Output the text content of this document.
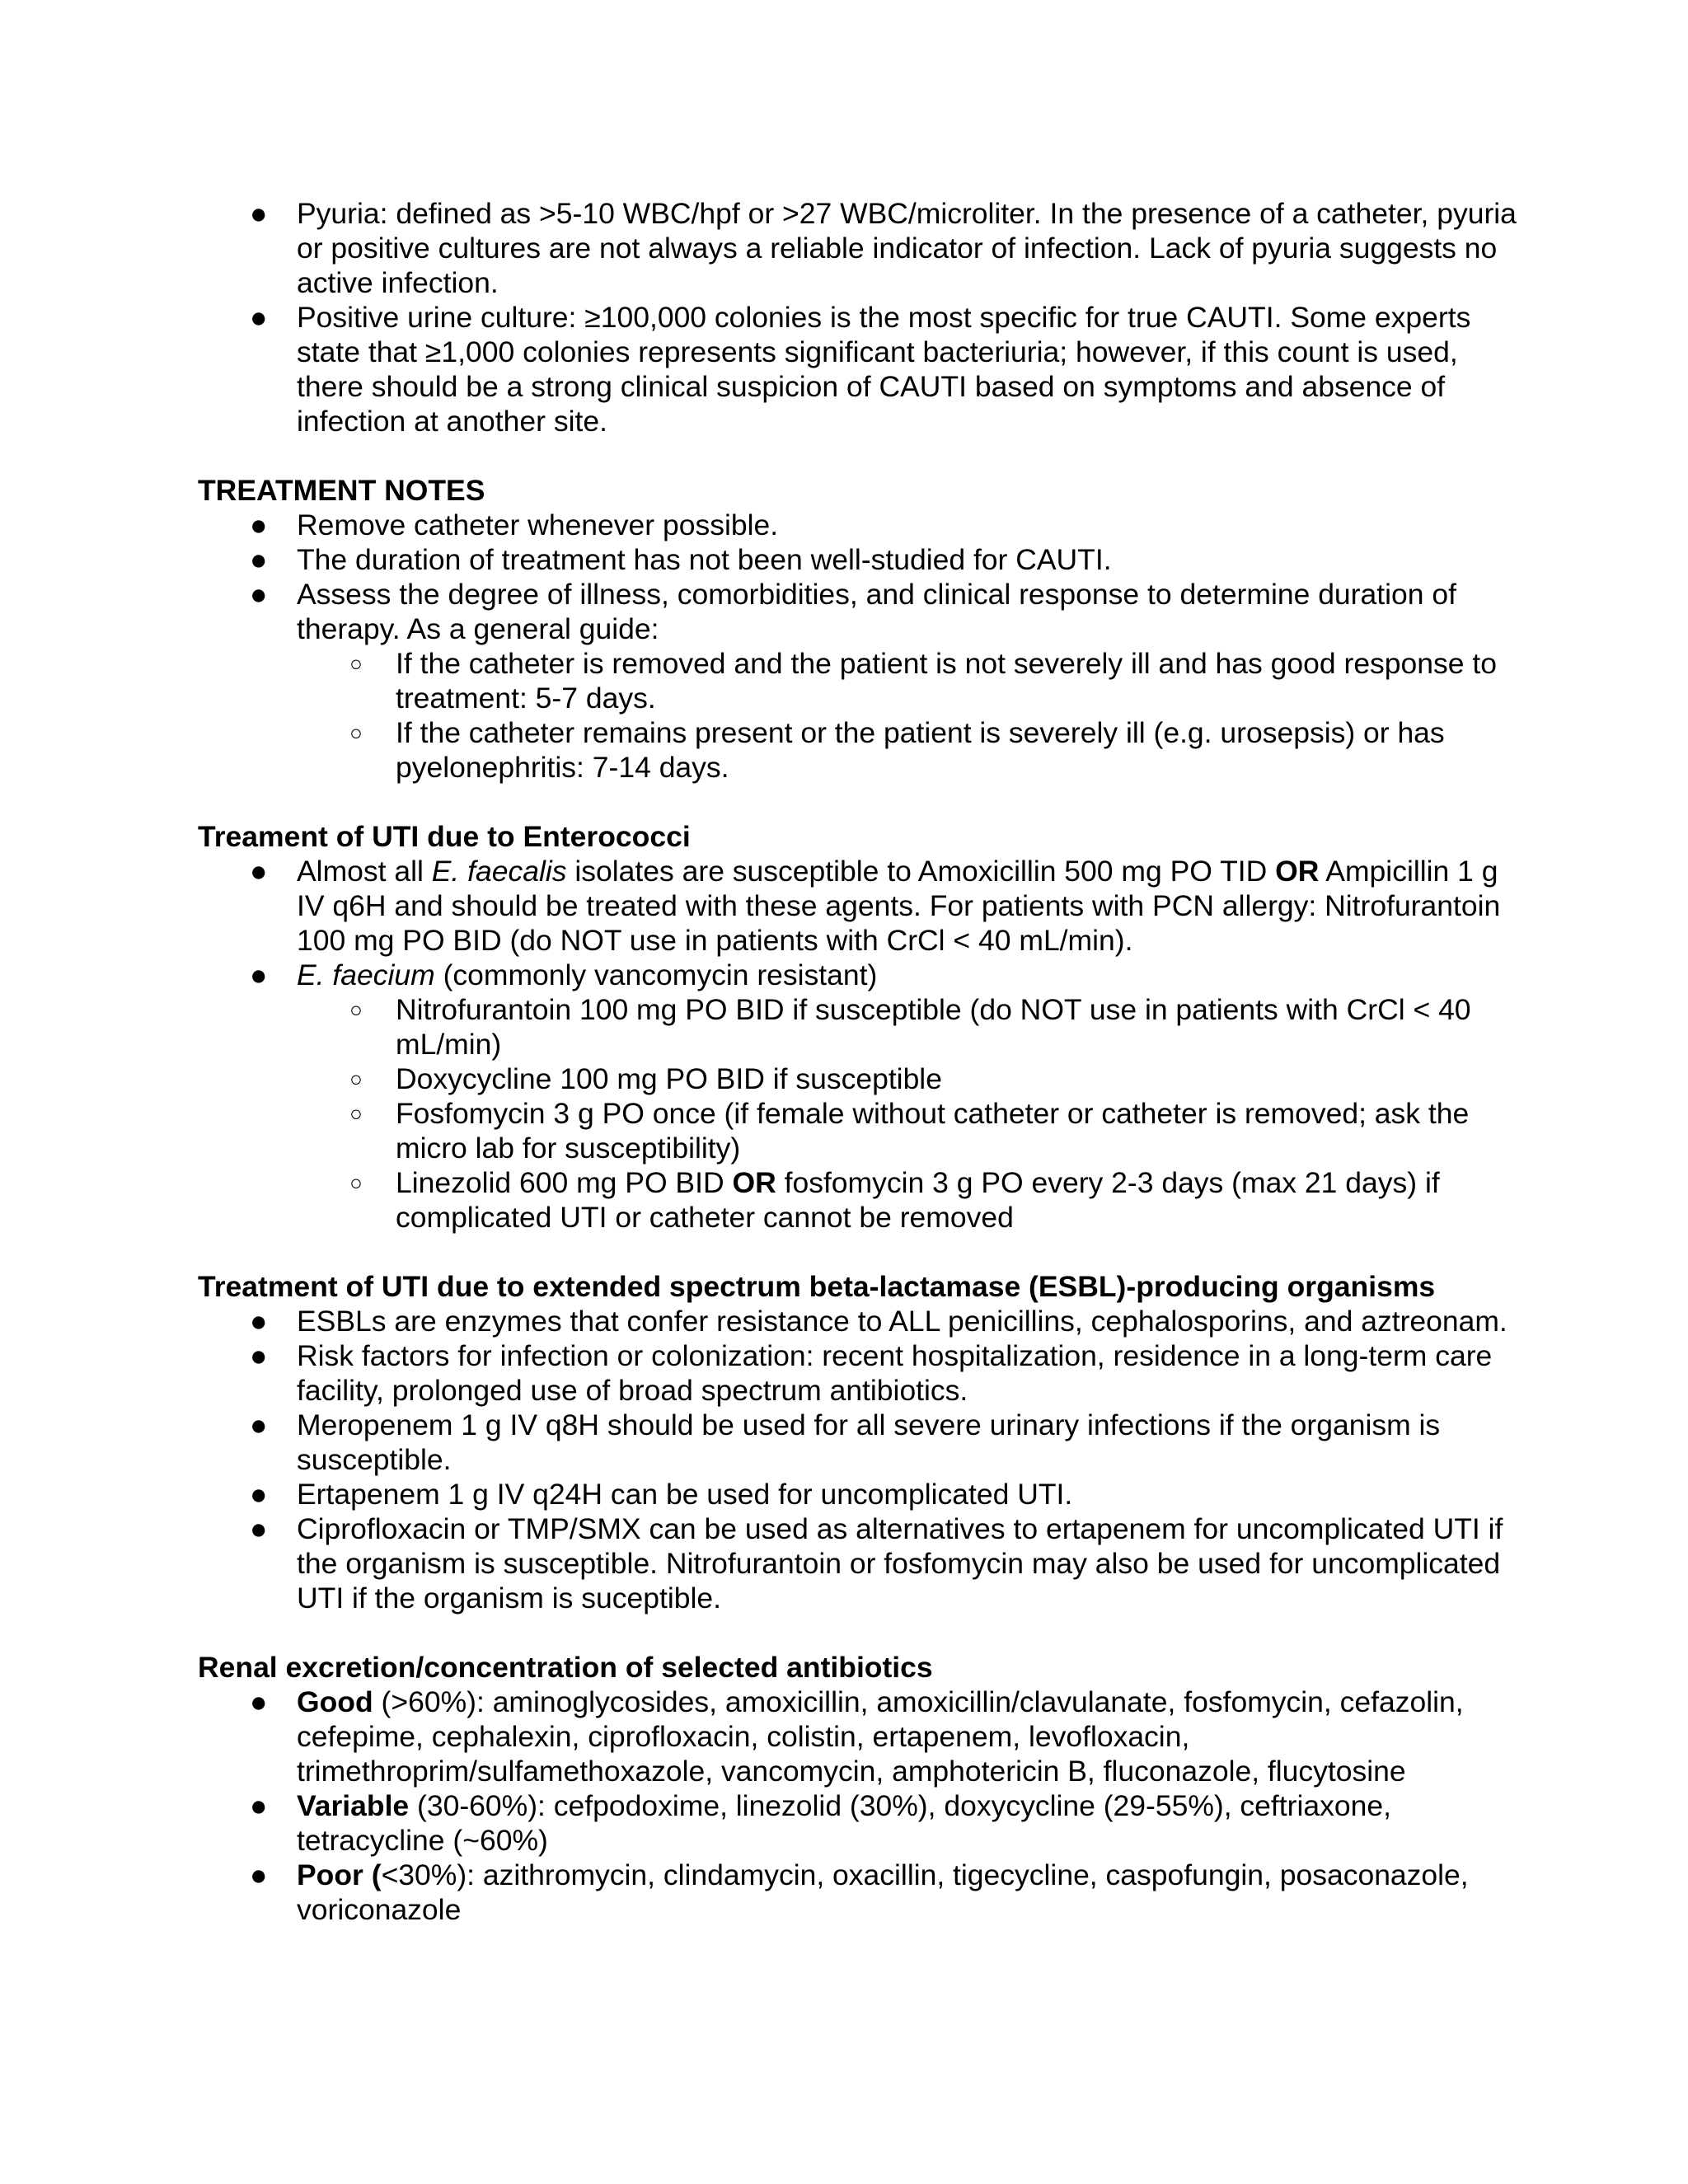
● Pyuria: defined as >5-10 WBC/hpf or >27 WBC/microliter. In the presence of a catheter, pyuria or positive cultures are not always a reliable indicator of infection. Lack of pyuria suggests no active infection.
● Positive urine culture: ≥100,000 colonies is the most specific for true CAUTI. Some experts state that ≥1,000 colonies represents significant bacteriuria; however, if this count is used, there should be a strong clinical suspicion of CAUTI based on symptoms and absence of infection at another site.

TREATMENT NOTES

● Remove catheter whenever possible.
● The duration of treatment has not been well-studied for CAUTI.
● Assess the degree of illness, comorbidities, and clinical response to determine duration of therapy. As a general guide:
○ If the catheter is removed and the patient is not severely ill and has good response to treatment: 5-7 days.
○ If the catheter remains present or the patient is severely ill (e.g. urosepsis) or has pyelonephritis: 7-14 days.

Treament of UTI due to Enterococci

● Almost all E. faecalis isolates are susceptible to Amoxicillin 500 mg PO TID OR Ampicillin 1 g IV q6H and should be treated with these agents. For patients with PCN allergy: Nitrofurantoin 100 mg PO BID (do NOT use in patients with CrCl < 40 mL/min).
● E. faecium (commonly vancomycin resistant)
○ Nitrofurantoin 100 mg PO BID if susceptible (do NOT use in patients with CrCl < 40 mL/min)
○ Doxycycline 100 mg PO BID if susceptible
○ Fosfomycin 3 g PO once (if female without catheter or catheter is removed; ask the micro lab for susceptibility)
○ Linezolid 600 mg PO BID OR fosfomycin 3 g PO every 2-3 days (max 21 days) if complicated UTI or catheter cannot be removed

Treatment of UTI due to extended spectrum beta-lactamase (ESBL)-producing organisms

● ESBLs are enzymes that confer resistance to ALL penicillins, cephalosporins, and aztreonam.
● Risk factors for infection or colonization: recent hospitalization, residence in a long-term care facility, prolonged use of broad spectrum antibiotics.
● Meropenem 1 g IV q8H should be used for all severe urinary infections if the organism is susceptible.
● Ertapenem 1 g IV q24H can be used for uncomplicated UTI.
● Ciprofloxacin or TMP/SMX can be used as alternatives to ertapenem for uncomplicated UTI if the organism is susceptible. Nitrofurantoin or fosfomycin may also be used for uncomplicated UTI if the organism is suceptible.

Renal excretion/concentration of selected antibiotics

● Good (>60%): aminoglycosides, amoxicillin, amoxicillin/clavulanate, fosfomycin, cefazolin, cefepime, cephalexin, ciprofloxacin, colistin, ertapenem, levofloxacin, trimethroprim/sulfamethoxazole, vancomycin, amphotericin B, fluconazole, flucytosine
● Variable (30-60%): cefpodoxime, linezolid (30%), doxycycline (29-55%), ceftriaxone, tetracycline (~60%)
● Poor (<30%): azithromycin, clindamycin, oxacillin, tigecycline, caspofungin, posaconazole, voriconazole
